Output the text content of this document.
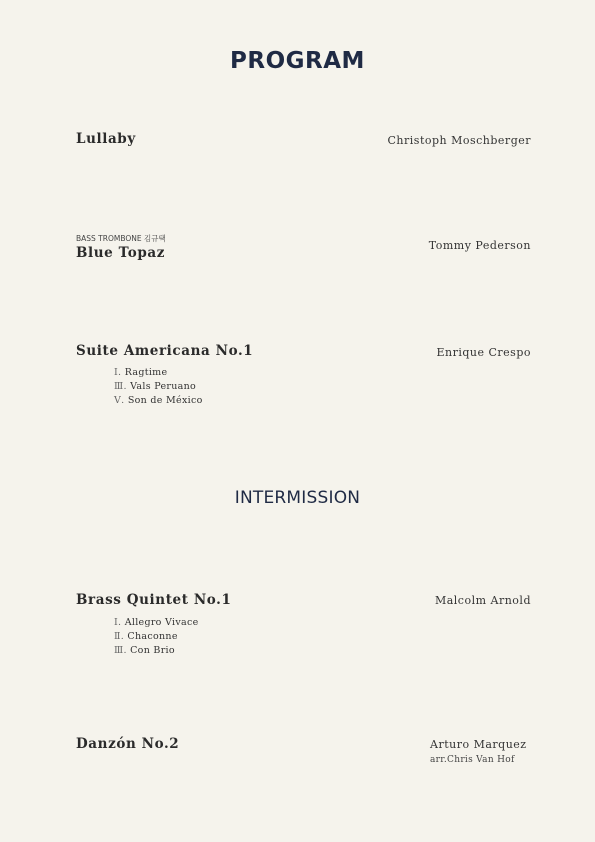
PROGRAM
Lullaby	Christoph Moschberger
BASS TROMBONE 김규택
Blue Topaz	Tommy Pederson
Suite Americana No.1	Enrique Crespo
Ⅰ. Ragtime
Ⅲ. Vals Peruano
Ⅴ. Son de México
INTERMISSION
Brass Quintet No.1	Malcolm Arnold
Ⅰ. Allegro Vivace
Ⅱ. Chaconne
Ⅲ. Con Brio
Danzón No.2	Arturo Marquez
arr.Chris Van Hof
